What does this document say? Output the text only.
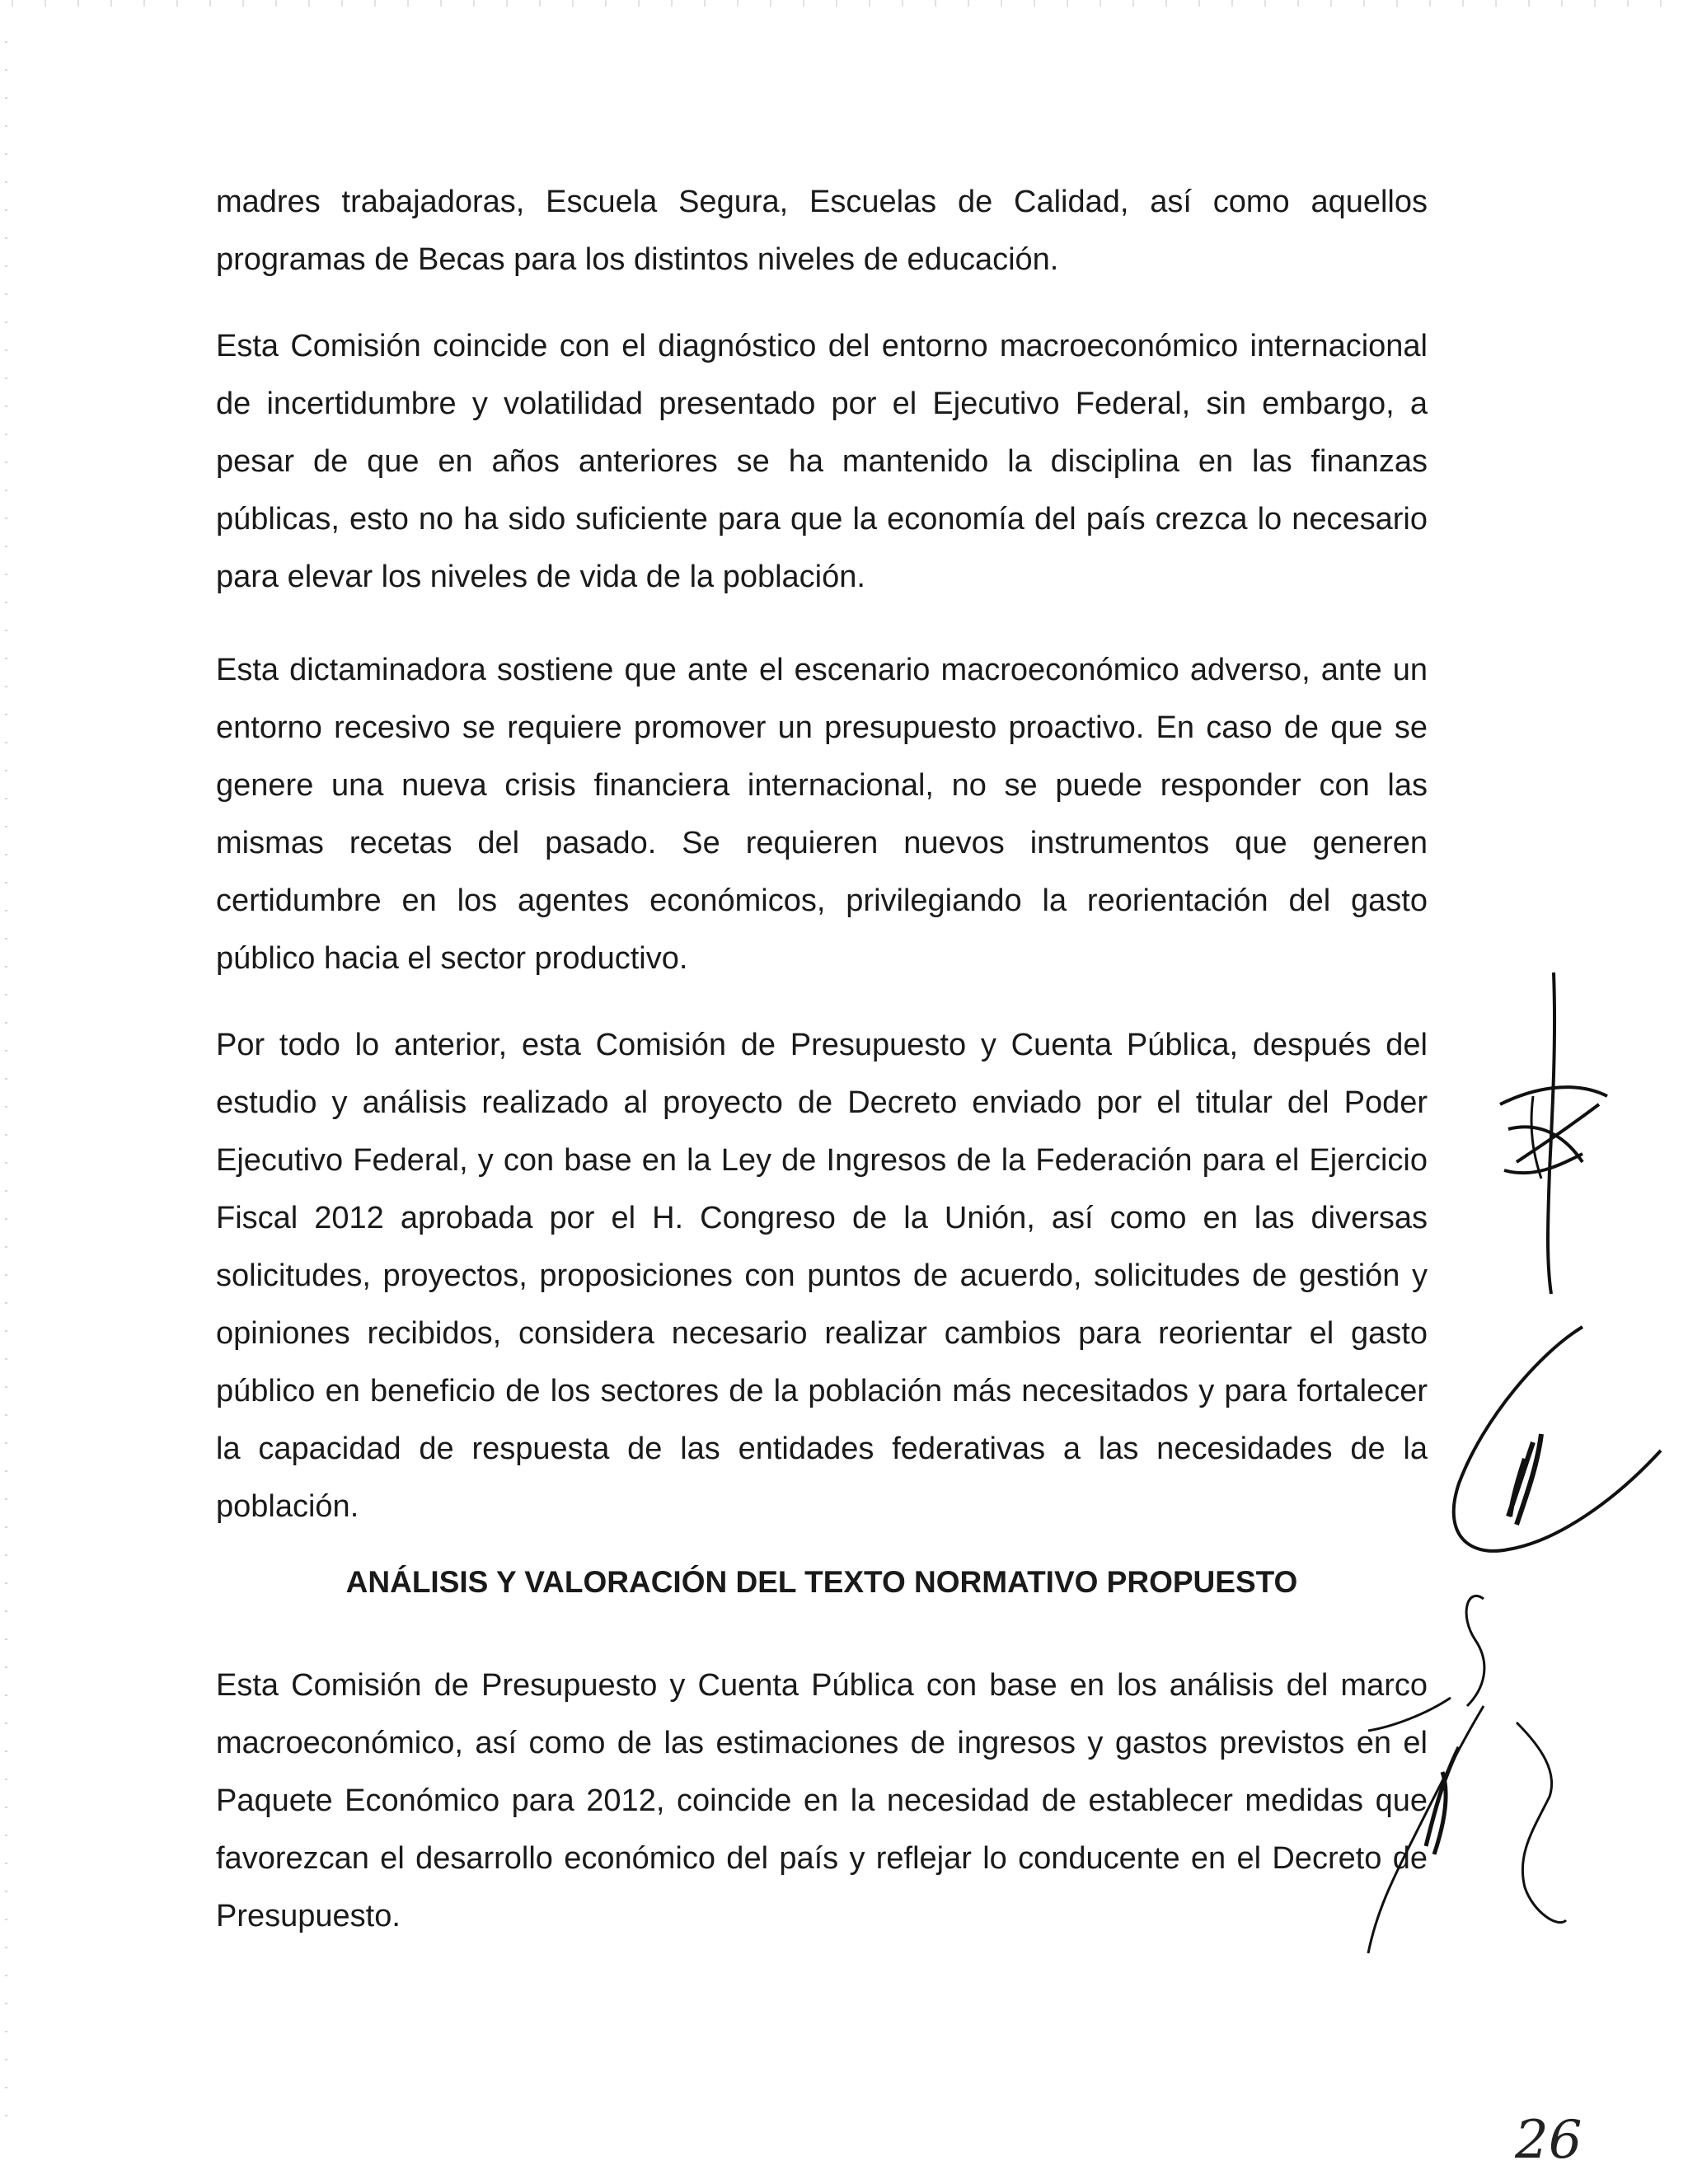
madres trabajadoras, Escuela Segura, Escuelas de Calidad, así como aquellos programas de Becas para los distintos niveles de educación.

Esta Comisión coincide con el diagnóstico del entorno macroeconómico internacional de incertidumbre y volatilidad presentado por el Ejecutivo Federal, sin embargo, a pesar de que en años anteriores se ha mantenido la disciplina en las finanzas públicas, esto no ha sido suficiente para que la economía del país crezca lo necesario para elevar los niveles de vida de la población.

Esta dictaminadora sostiene que ante el escenario macroeconómico adverso, ante un entorno recesivo se requiere promover un presupuesto proactivo. En caso de que se genere una nueva crisis financiera internacional, no se puede responder con las mismas recetas del pasado. Se requieren nuevos instrumentos que generen certidumbre en los agentes económicos, privilegiando la reorientación del gasto público hacia el sector productivo.

Por todo lo anterior, esta Comisión de Presupuesto y Cuenta Pública, después del estudio y análisis realizado al proyecto de Decreto enviado por el titular del Poder Ejecutivo Federal, y con base en la Ley de Ingresos de la Federación para el Ejercicio Fiscal 2012 aprobada por el H. Congreso de la Unión, así como en las diversas solicitudes, proyectos, proposiciones con puntos de acuerdo, solicitudes de gestión y opiniones recibidos, considera necesario realizar cambios para reorientar el gasto público en beneficio de los sectores de la población más necesitados y para fortalecer la capacidad de respuesta de las entidades federativas a las necesidades de la población.

ANÁLISIS Y VALORACIÓN DEL TEXTO NORMATIVO PROPUESTO

Esta Comisión de Presupuesto y Cuenta Pública con base en los análisis del marco macroeconómico, así como de las estimaciones de ingresos y gastos previstos en el Paquete Económico para 2012, coincide en la necesidad de establecer medidas que favorezcan el desarrollo económico del país y reflejar lo conducente en el Decreto de Presupuesto.

26
